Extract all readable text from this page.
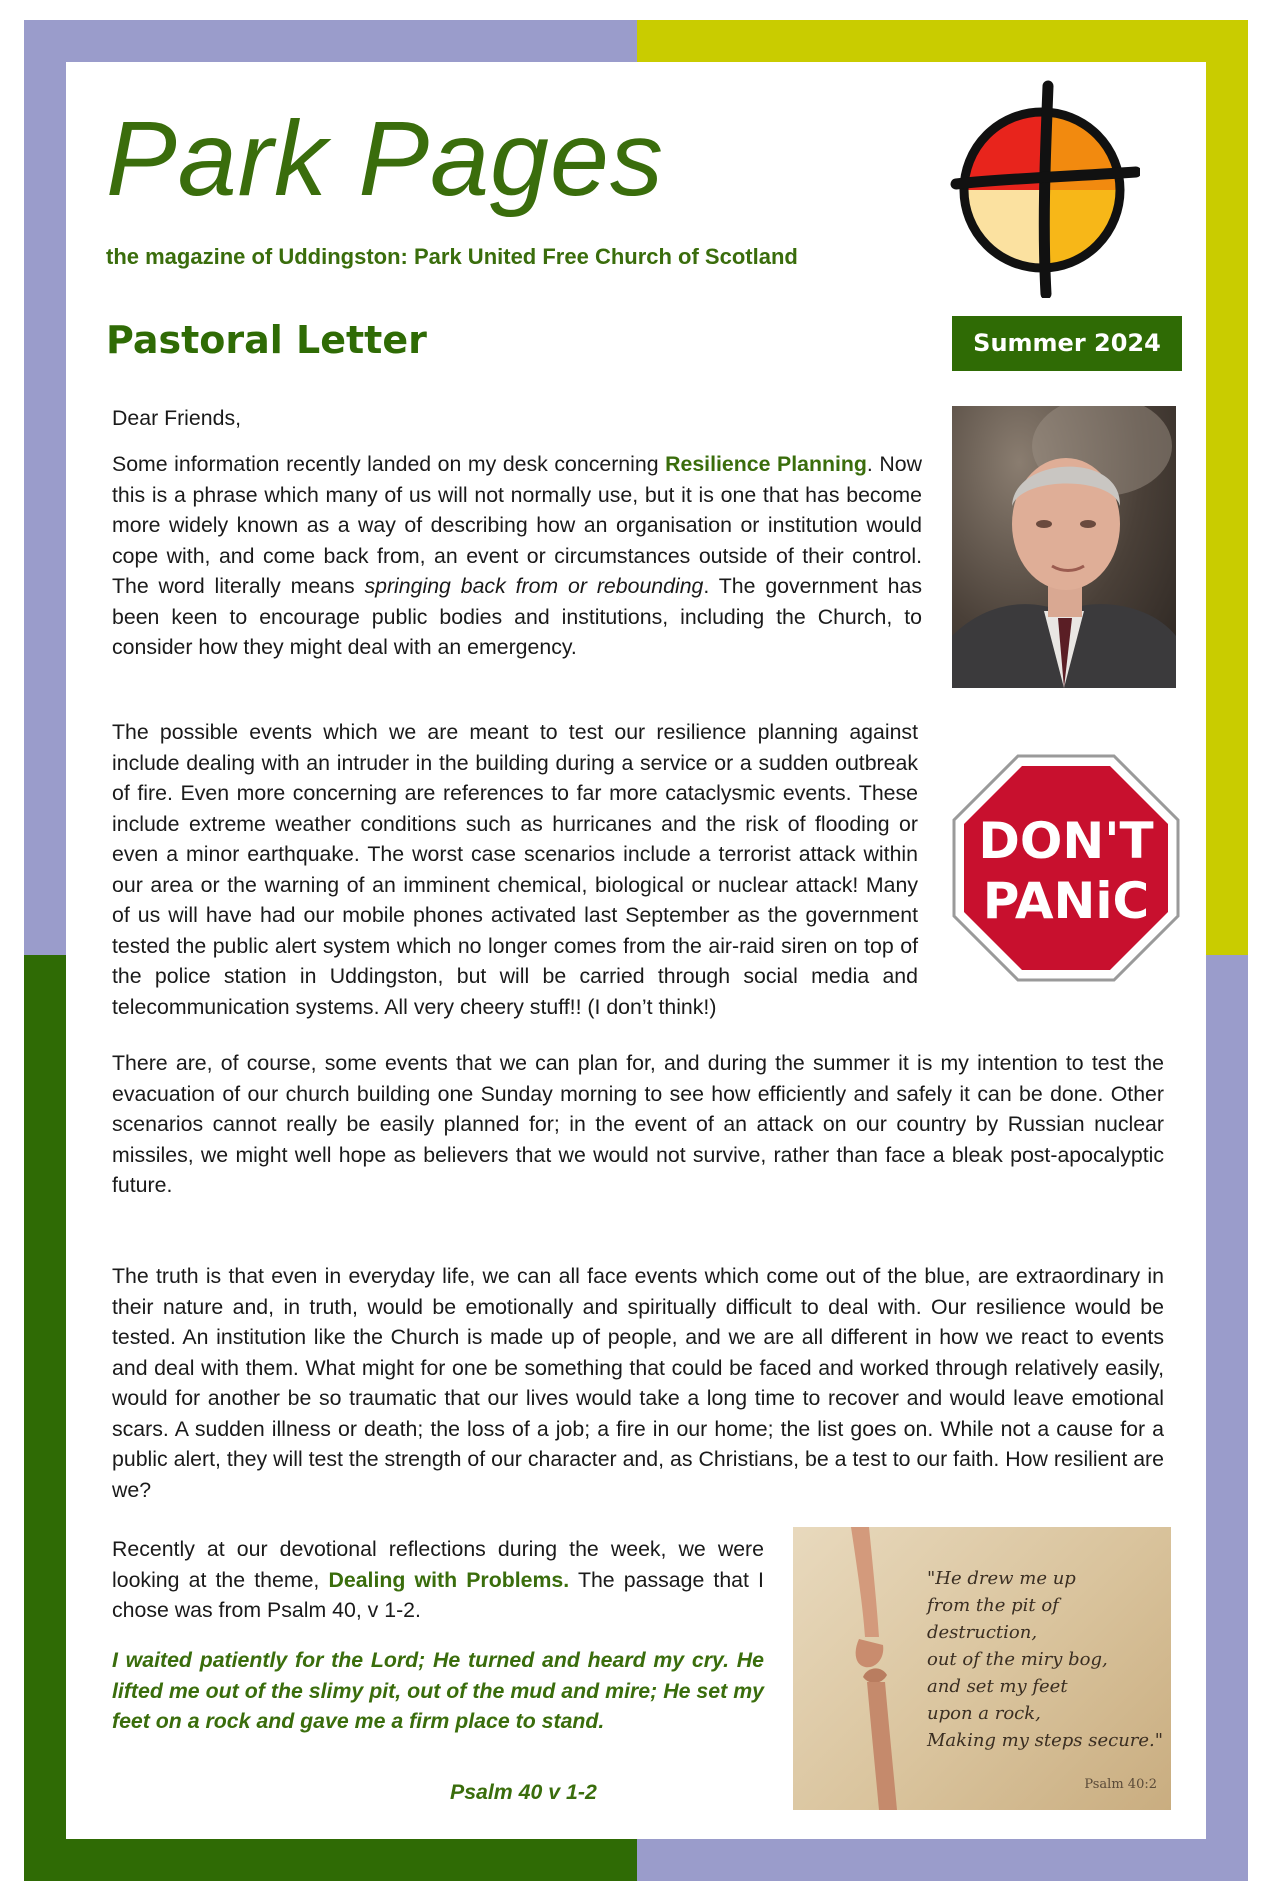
Park Pages

the magazine of Uddingston: Park United Free Church of Scotland

Pastoral Letter	Summer 2024

Dear Friends,

Some information recently landed on my desk concerning Resilience Planning. Now this is a phrase which many of us will not normally use, but it is one that has become more widely known as a way of describing how an organisation or institution would cope with, and come back from, an event or circumstances outside of their control. The word literally means springing back from or rebounding. The government has been keen to encourage public bodies and institutions, including the Church, to consider how they might deal with an emergency.

The possible events which we are meant to test our resilience planning against include dealing with an intruder in the building during a service or a sudden outbreak of fire. Even more concerning are references to far more cataclysmic events. These include extreme weather conditions such as hurricanes and the risk of flooding or even a minor earthquake. The worst case scenarios include a terrorist attack within our area or the warning of an imminent chemical, biological or nuclear attack! Many of us will have had our mobile phones activated last September as the government tested the public alert system which no longer comes from the air-raid siren on top of the police station in Uddingston, but will be carried through social media and telecommunication systems. All very cheery stuff!! (I don’t think!)

DON'T
PANiC

There are, of course, some events that we can plan for, and during the summer it is my intention to test the evacuation of our church building one Sunday morning to see how efficiently and safely it can be done. Other scenarios cannot really be easily planned for; in the event of an attack on our country by Russian nuclear missiles, we might well hope as believers that we would not survive, rather than face a bleak post-apocalyptic future.

The truth is that even in everyday life, we can all face events which come out of the blue, are extraordinary in their nature and, in truth, would be emotionally and spiritually difficult to deal with. Our resilience would be tested. An institution like the Church is made up of people, and we are all different in how we react to events and deal with them. What might for one be something that could be faced and worked through relatively easily, would for another be so traumatic that our lives would take a long time to recover and would leave emotional scars. A sudden illness or death; the loss of a job; a fire in our home; the list goes on. While not a cause for a public alert, they will test the strength of our character and, as Christians, be a test to our faith. How resilient are we?

Recently at our devotional reflections during the week, we were looking at the theme, Dealing with Problems. The passage that I chose was from Psalm 40, v 1-2.

I waited patiently for the Lord; He turned and heard my cry. He lifted me out of the slimy pit, out of the mud and mire; He set my feet on a rock and gave me a firm place to stand.

Psalm 40 v 1-2

"He drew me up
from the pit of destruction,
out of the miry bog,
and set my feet
upon a rock,
Making my steps secure."
Psalm 40:2
